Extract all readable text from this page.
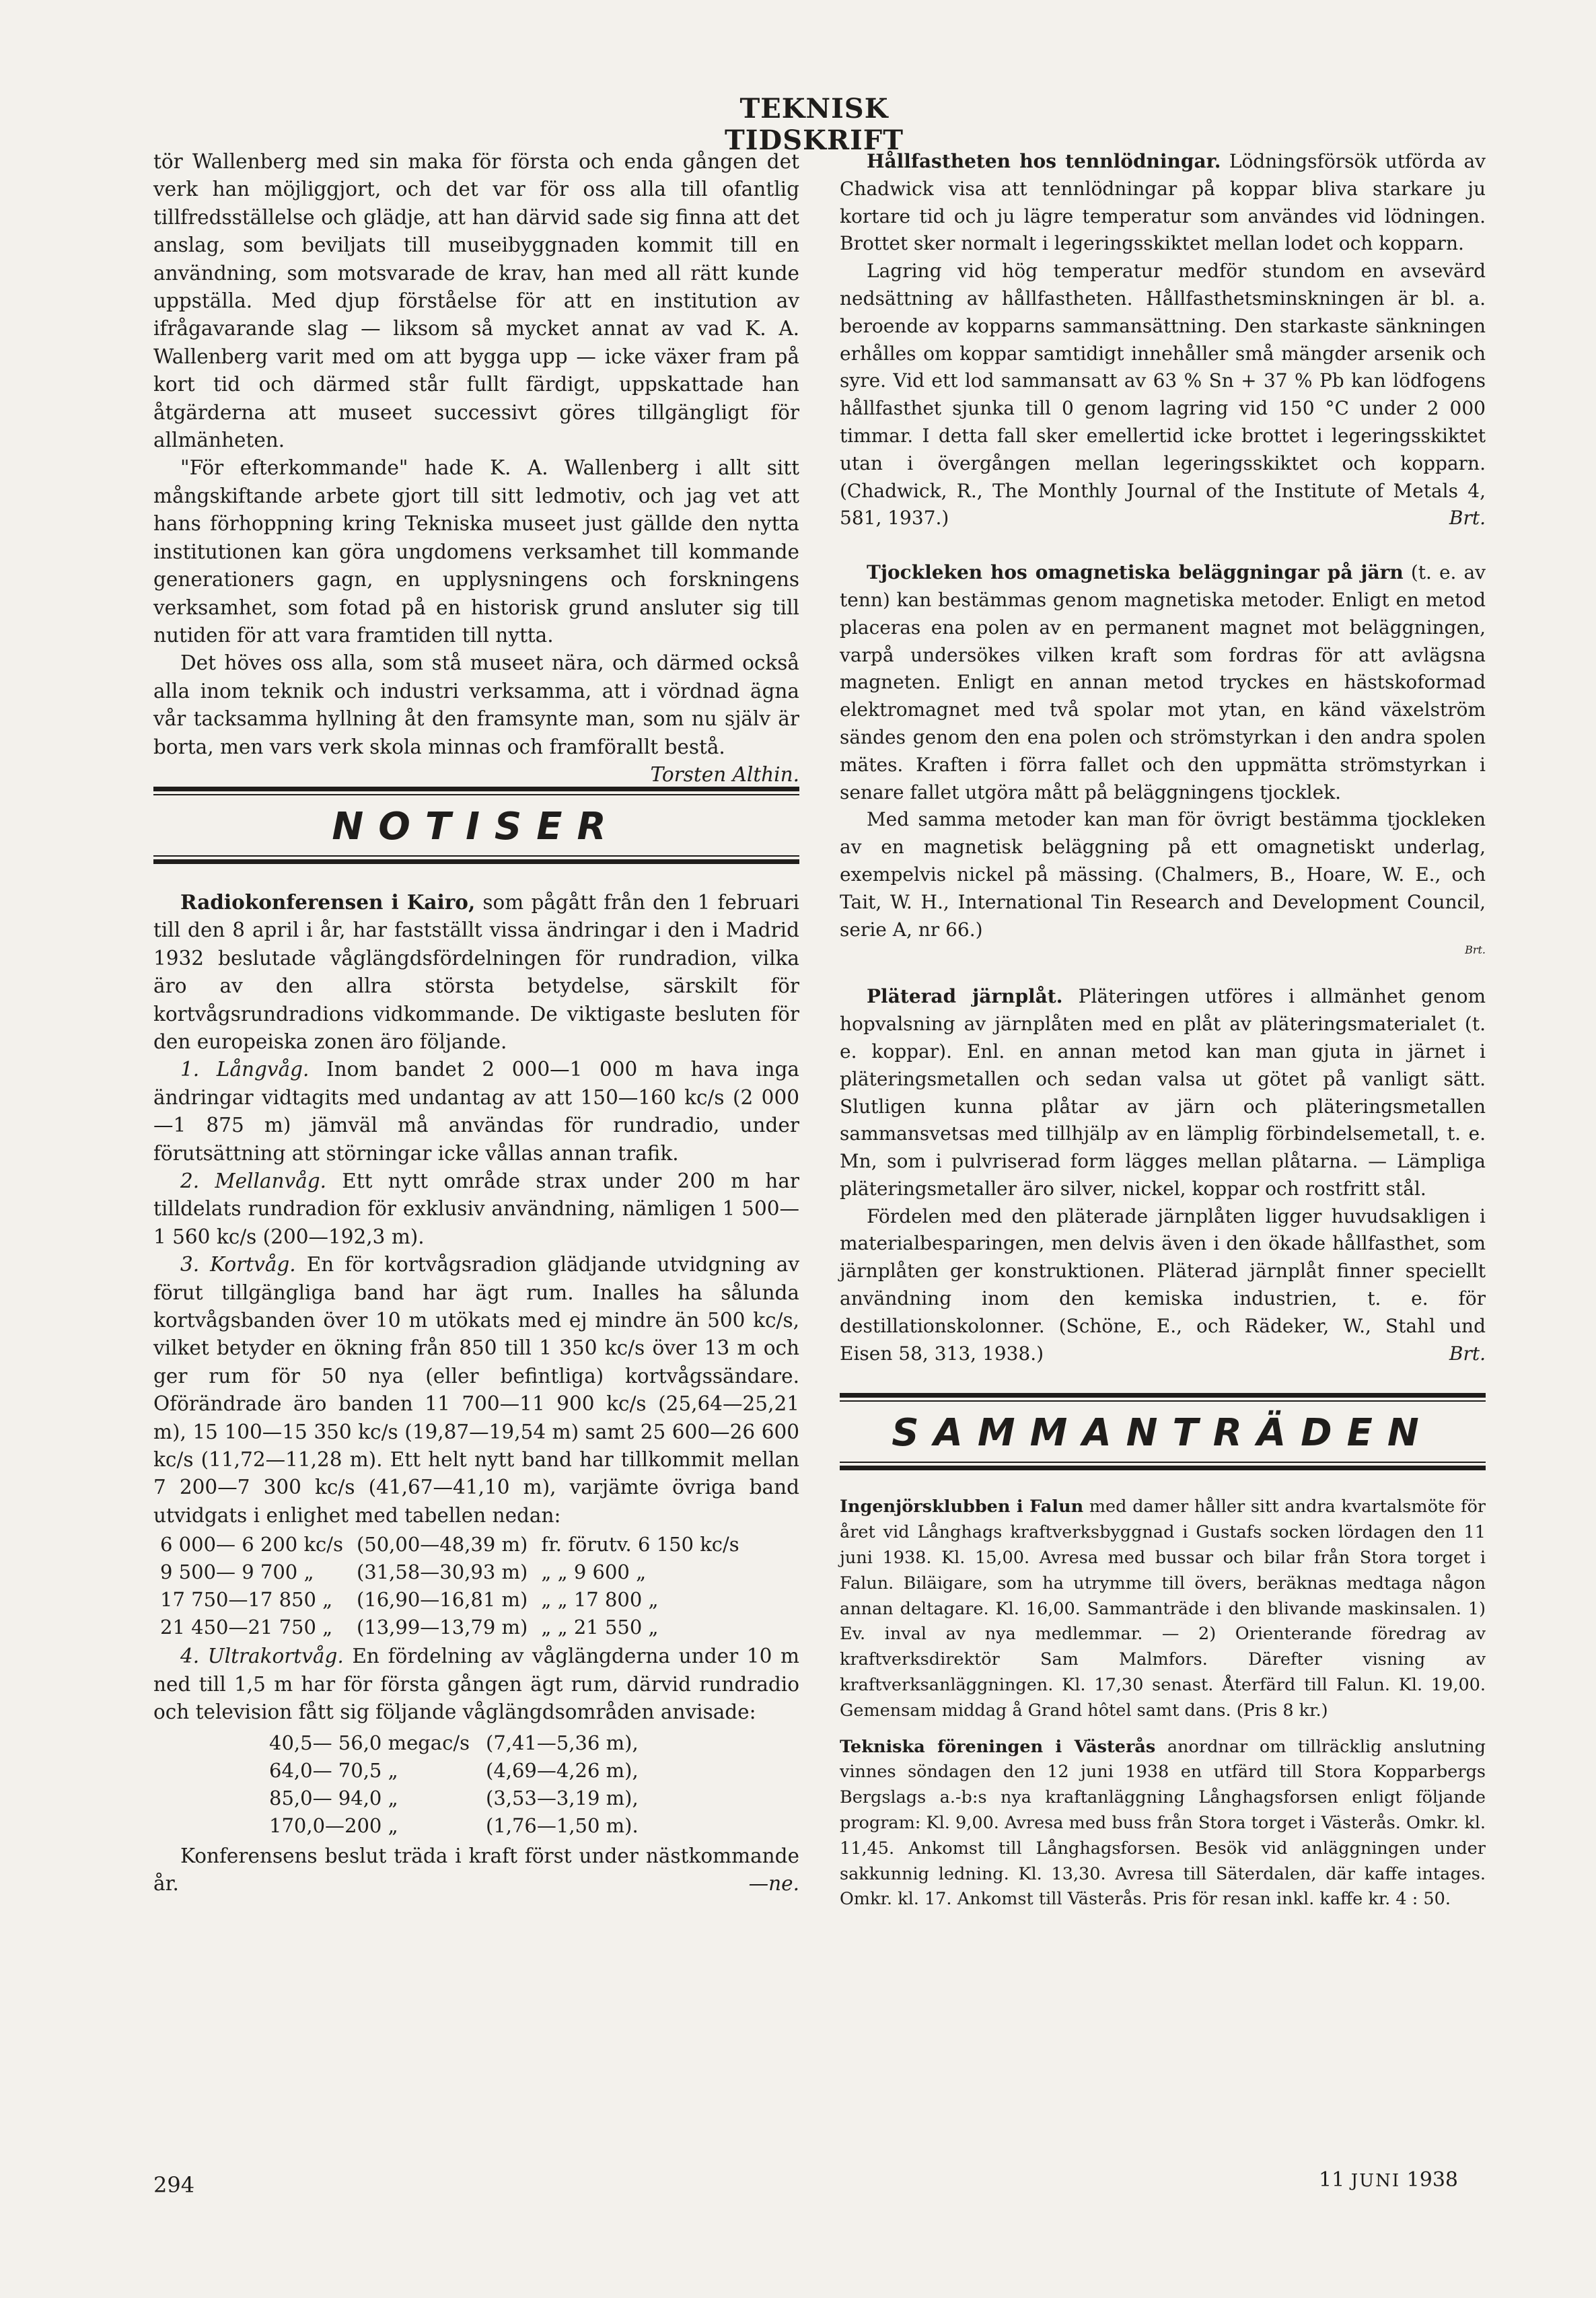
TEKNISK TIDSKRIFT

tör Wallenberg med sin maka för första och enda gången det verk han möjliggjort, och det var för oss alla till ofantlig tillfredsställelse och glädje, att han därvid sade sig finna att det anslag, som beviljats till museibyggnaden kommit till en användning, som motsvarade de krav, han med all rätt kunde uppställa. Med djup förståelse för att en institution av ifrågavarande slag — liksom så mycket annat av vad K. A. Wallenberg varit med om att bygga upp — icke växer fram på kort tid och därmed står fullt färdigt, uppskattade han åtgärderna att museet successivt göres tillgängligt för allmänheten.

"För efterkommande" hade K. A. Wallenberg i allt sitt mångskiftande arbete gjort till sitt ledmotiv, och jag vet att hans förhoppning kring Tekniska museet just gällde den nytta institutionen kan göra ungdomens verksamhet till kommande generationers gagn, en upplysningens och forskningens verksamhet, som fotad på en historisk grund ansluter sig till nutiden för att vara framtiden till nytta.

Det höves oss alla, som stå museet nära, och därmed också alla inom teknik och industri verksamma, att i vördnad ägna vår tacksamma hyllning åt den framsynte man, som nu själv är borta, men vars verk skola minnas och framförallt bestå.
Torsten Althin.

NOTISER

Radiokonferensen i Kairo, som pågått från den 1 februari till den 8 april i år, har fastställt vissa ändringar i den i Madrid 1932 beslutade våglängdsfördelningen för rundradion, vilka äro av den allra största betydelse, särskilt för kortvågsrundradions vidkommande. De viktigaste besluten för den europeiska zonen äro följande.

1. Långvåg. Inom bandet 2 000—1 000 m hava inga ändringar vidtagits med undantag av att 150—160 kc/s (2 000—1 875 m) jämväl må användas för rundradio, under förutsättning att störningar icke vållas annan trafik.

2. Mellanvåg. Ett nytt område strax under 200 m har tilldelats rundradion för exklusiv användning, nämligen 1 500—1 560 kc/s (200—192,3 m).

3. Kortvåg. En för kortvågsradion glädjande utvidgning av förut tillgängliga band har ägt rum. Inalles ha sålunda kortvågsbanden över 10 m utökats med ej mindre än 500 kc/s, vilket betyder en ökning från 850 till 1 350 kc/s över 13 m och ger rum för 50 nya (eller befintliga) kortvågssändare. Oförändrade äro banden 11 700—11 900 kc/s (25,64—25,21 m), 15 100—15 350 kc/s (19,87—19,54 m) samt 25 600—26 600 kc/s (11,72—11,28 m). Ett helt nytt band har tillkommit mellan 7 200—7 300 kc/s (41,67—41,10 m), varjämte övriga band utvidgats i enlighet med tabellen nedan:

6 000— 6 200 kc/s	(50,00—48,39 m)	fr. förutv. 6 150 kc/s
9 500— 9 700 „	(31,58—30,93 m)	„ „ 9 600 „
17 750—17 850 „	(16,90—16,81 m)	„ „ 17 800 „
21 450—21 750 „	(13,99—13,79 m)	„ „ 21 550 „

4. Ultrakortvåg. En fördelning av våglängderna under 10 m ned till 1,5 m har för första gången ägt rum, därvid rundradio och television fått sig följande våglängdsområden anvisade:

40,5— 56,0 megac/s	(7,41—5,36 m),
64,0— 70,5 „	(4,69—4,26 m),
85,0— 94,0 „	(3,53—3,19 m),
170,0—200 „	(1,76—1,50 m).

Konferensens beslut träda i kraft först under nästkommande år.	—ne.

Hållfastheten hos tennlödningar. Lödningsförsök utförda av Chadwick visa att tennlödningar på koppar bliva starkare ju kortare tid och ju lägre temperatur som användes vid lödningen. Brottet sker normalt i legeringsskiktet mellan lodet och kopparn.

Lagring vid hög temperatur medför stundom en avsevärd nedsättning av hållfastheten. Hållfasthetsminskningen är bl. a. beroende av kopparns sammansättning. Den starkaste sänkningen erhålles om koppar samtidigt innehåller små mängder arsenik och syre. Vid ett lod sammansatt av 63 % Sn + 37 % Pb kan lödfogens hållfasthet sjunka till 0 genom lagring vid 150 °C under 2 000 timmar. I detta fall sker emellertid icke brottet i legeringsskiktet utan i övergången mellan legeringsskiktet och kopparn. (Chadwick, R., The Monthly Journal of the Institute of Metals 4, 581, 1937.)	Brt.

Tjockleken hos omagnetiska beläggningar på järn (t. e. av tenn) kan bestämmas genom magnetiska metoder. Enligt en metod placeras ena polen av en permanent magnet mot beläggningen, varpå undersökes vilken kraft som fordras för att avlägsna magneten. Enligt en annan metod tryckes en hästskoformad elektromagnet med två spolar mot ytan, en känd växelström sändes genom den ena polen och strömstyrkan i den andra spolen mätes. Kraften i förra fallet och den uppmätta strömstyrkan i senare fallet utgöra mått på beläggningens tjocklek.

Med samma metoder kan man för övrigt bestämma tjockleken av en magnetisk beläggning på ett omagnetiskt underlag, exempelvis nickel på mässing. (Chalmers, B., Hoare, W. E., och Tait, W. H., International Tin Research and Development Council, serie A, nr 66.)

Brt.

Pläterad järnplåt. Pläteringen utföres i allmänhet genom hopvalsning av järnplåten med en plåt av pläteringsmaterialet (t. e. koppar). Enl. en annan metod kan man gjuta in järnet i pläteringsmetallen och sedan valsa ut götet på vanligt sätt. Slutligen kunna plåtar av järn och pläteringsmetallen sammansvetsas med tillhjälp av en lämplig förbindelsemetall, t. e. Mn, som i pulvriserad form lägges mellan plåtarna. — Lämpliga pläteringsmetaller äro silver, nickel, koppar och rostfritt stål.

Fördelen med den pläterade järnplåten ligger huvudsakligen i materialbesparingen, men delvis även i den ökade hållfasthet, som järnplåten ger konstruktionen. Pläterad järnplåt finner speciellt användning inom den kemiska industrien, t. e. för destillationskolonner. (Schöne, E., och Rädeker, W., Stahl und Eisen 58, 313, 1938.)	Brt.

SAMMANTRÄDEN

Ingenjörsklubben i Falun med damer håller sitt andra kvartalsmöte för året vid Långhags kraftverksbyggnad i Gustafs socken lördagen den 11 juni 1938. Kl. 15,00. Avresa med bussar och bilar från Stora torget i Falun. Biläigare, som ha utrymme till övers, beräknas medtaga någon annan deltagare. Kl. 16,00. Sammanträde i den blivande maskinsalen. 1) Ev. inval av nya medlemmar. — 2) Orienterande föredrag av kraftverksdirektör Sam Malmfors. Därefter visning av kraftverksanläggningen. Kl. 17,30 senast. Återfärd till Falun. Kl. 19,00. Gemensam middag å Grand hôtel samt dans. (Pris 8 kr.)

Tekniska föreningen i Västerås anordnar om tillräcklig anslutning vinnes söndagen den 12 juni 1938 en utfärd till Stora Kopparbergs Bergslags a.-b:s nya kraftanläggning Långhagsforsen enligt följande program: Kl. 9,00. Avresa med buss från Stora torget i Västerås. Omkr. kl. 11,45. Ankomst till Långhagsforsen. Besök vid anläggningen under sakkunnig ledning. Kl. 13,30. Avresa till Säterdalen, där kaffe intages. Omkr. kl. 17. Ankomst till Västerås. Pris för resan inkl. kaffe kr. 4 : 50.

294	11 JUNI 1938
